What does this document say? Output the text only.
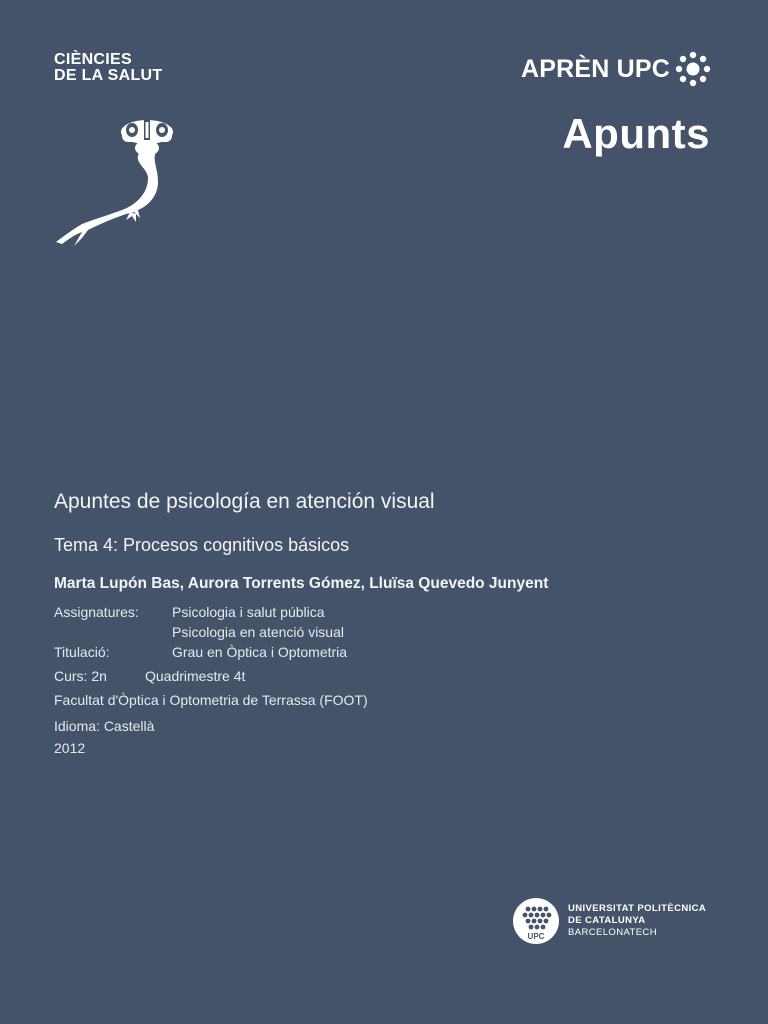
CIÈNCIES
DE LA SALUT	APRÈN UPC
Apunts
Apuntes de psicología en atención visual
Tema 4: Procesos cognitivos básicos
Marta Lupón Bas, Aurora Torrents Gómez, Lluïsa Quevedo Junyent
Assignatures: Psicologia i salut pública
Psicologia en atenció visual
Titulació:	Grau en Òptica i Optometria
Curs: 2n	Quadrimestre 4t
Facultat d'Òptica i Optometria de Terrassa (FOOT)
Idioma: Castellà
2012
UPC
UNIVERSITAT POLITÈCNICA
DE CATALUNYA
BARCELONATECH
